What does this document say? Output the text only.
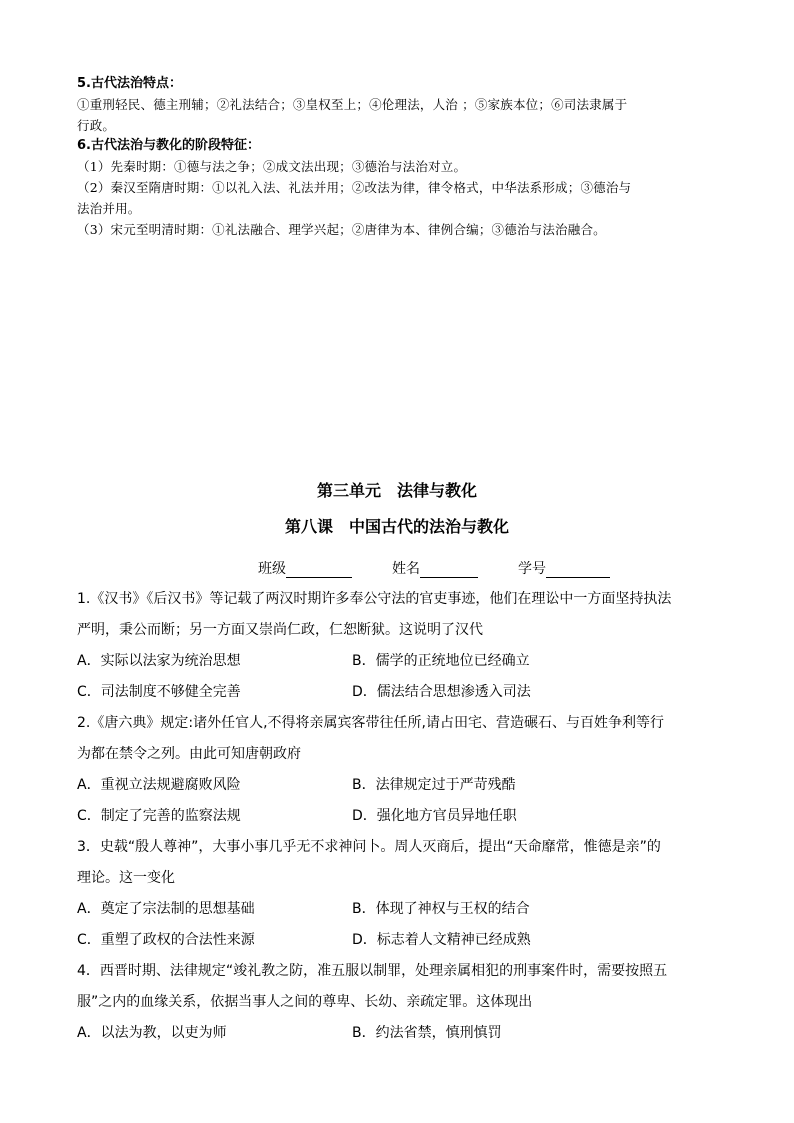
5.古代法治特点：

①重刑轻民、德主刑辅；②礼法结合；③皇权至上；④伦理法，人治 ；⑤家族本位；⑥司法隶属于

行政。

6.古代法治与教化的阶段特征：

（1）先秦时期：①德与法之争；②成文法出现；③德治与法治对立。

（2）秦汉至隋唐时期：①以礼入法、礼法并用；②改法为律，律令格式，中华法系形成；③德治与

法治并用。

（3）宋元至明清时期：①礼法融合、理学兴起；②唐律为本、律例合编；③德治与法治融合。

第三单元　法律与教化
第八课　中国古代的法治与教化
班级	姓名	学号

1.《汉书》《后汉书》等记载了两汉时期许多奉公守法的官吏事迹，他们在理讼中一方面坚持执法

严明，秉公而断；另一方面又崇尚仁政，仁恕断狱。这说明了汉代

A．实际以法家为统治思想	B．儒学的正统地位已经确立
C．司法制度不够健全完善	D．儒法结合思想渗透入司法

2.《唐六典》规定:诸外任官人,不得将亲属宾客带往任所,请占田宅、营造碾石、与百姓争利等行

为都在禁令之列。由此可知唐朝政府

A．重视立法规避腐败风险	B．法律规定过于严苛残酷
C．制定了完善的监察法规	D．强化地方官员异地任职

3．史载“殷人尊神”，大事小事几乎无不求神问卜。周人灭商后，提出“天命靡常，惟德是亲”的

理论。这一变化

A．奠定了宗法制的思想基础	B．体现了神权与王权的结合
C．重塑了政权的合法性来源	D．标志着人文精神已经成熟

4．西晋时期、法律规定“竣礼教之防，准五服以制罪，处理亲属相犯的刑事案件时，需要按照五

服”之内的血缘关系，依据当事人之间的尊卑、长幼、亲疏定罪。这体现出

A．以法为教，以吏为师	B．约法省禁，慎刑慎罚
